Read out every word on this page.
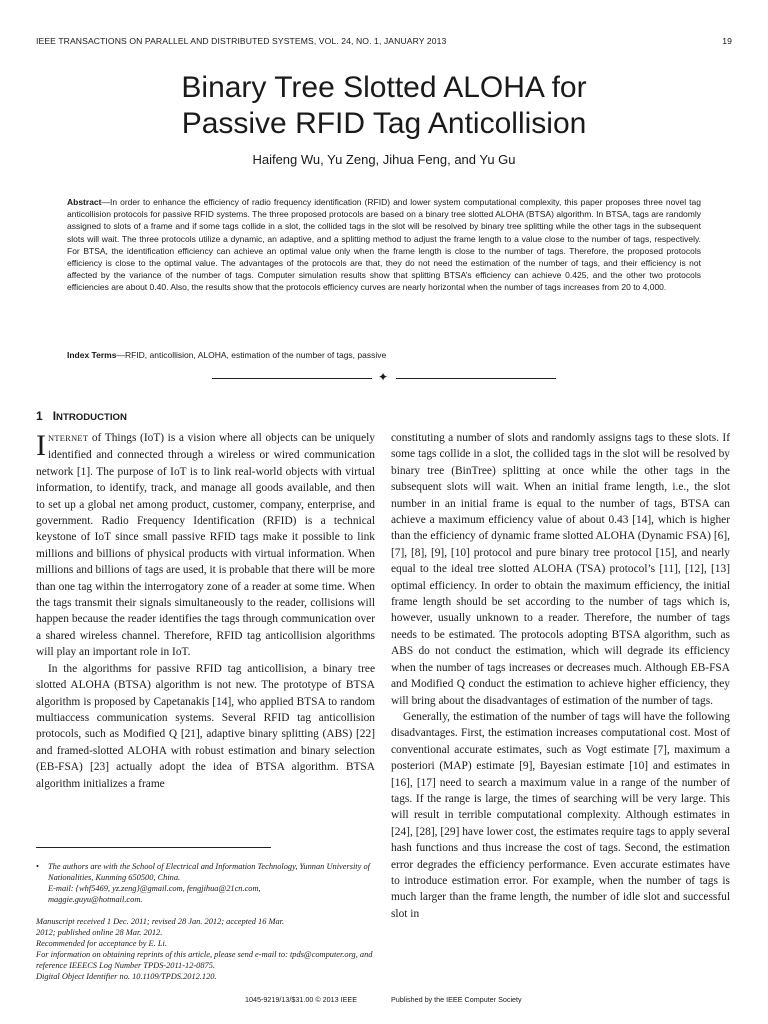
IEEE TRANSACTIONS ON PARALLEL AND DISTRIBUTED SYSTEMS, VOL. 24, NO. 1, JANUARY 2013	19
Binary Tree Slotted ALOHA for
Passive RFID Tag Anticollision
Haifeng Wu, Yu Zeng, Jihua Feng, and Yu Gu
Abstract—In order to enhance the efficiency of radio frequency identification (RFID) and lower system computational complexity, this paper proposes three novel tag anticollision protocols for passive RFID systems. The three proposed protocols are based on a binary tree slotted ALOHA (BTSA) algorithm. In BTSA, tags are randomly assigned to slots of a frame and if some tags collide in a slot, the collided tags in the slot will be resolved by binary tree splitting while the other tags in the subsequent slots will wait. The three protocols utilize a dynamic, an adaptive, and a splitting method to adjust the frame length to a value close to the number of tags, respectively. For BTSA, the identification efficiency can achieve an optimal value only when the frame length is close to the number of tags. Therefore, the proposed protocols efficiency is close to the optimal value. The advantages of the protocols are that, they do not need the estimation of the number of tags, and their efficiency is not affected by the variance of the number of tags. Computer simulation results show that splitting BTSA’s efficiency can achieve 0.425, and the other two protocols efficiencies are about 0.40. Also, the results show that the protocols efficiency curves are nearly horizontal when the number of tags increases from 20 to 4,000.
Index Terms—RFID, anticollision, ALOHA, estimation of the number of tags, passive
✦
1 INTRODUCTION

INTERNET of Things (IoT) is a vision where all objects can be uniquely identified and connected through a wireless or wired communication network [1]. The purpose of IoT is to link real-world objects with virtual information, to identify, track, and manage all goods available, and then to set up a global net among product, customer, company, enterprise, and government. Radio Frequency Identification (RFID) is a technical keystone of IoT since small passive RFID tags make it possible to link millions and billions of physical products with virtual information. When millions and billions of tags are used, it is probable that there will be more than one tag within the interrogatory zone of a reader at some time. When the tags transmit their signals simultaneously to the reader, collisions will happen because the reader identifies the tags through communication over a shared wireless channel. Therefore, RFID tag anticollision algorithms will play an important role in IoT.

In the algorithms for passive RFID tag anticollision, a binary tree slotted ALOHA (BTSA) algorithm is not new. The prototype of BTSA algorithm is proposed by Capetanakis [14], who applied BTSA to random multiaccess communication systems. Several RFID tag anticollision protocols, such as Modified Q [21], adaptive binary splitting (ABS) [22] and framed-slotted ALOHA with robust estimation and binary selection (EB-FSA) [23] actually adopt the idea of BTSA algorithm. BTSA algorithm initializes a frame

constituting a number of slots and randomly assigns tags to these slots. If some tags collide in a slot, the collided tags in the slot will be resolved by binary tree (BinTree) splitting at once while the other tags in the subsequent slots will wait. When an initial frame length, i.e., the slot number in an initial frame is equal to the number of tags, BTSA can achieve a maximum efficiency value of about 0.43 [14], which is higher than the efficiency of dynamic frame slotted ALOHA (Dynamic FSA) [6], [7], [8], [9], [10] protocol and pure binary tree protocol [15], and nearly equal to the ideal tree slotted ALOHA (TSA) protocol’s [11], [12], [13] optimal efficiency. In order to obtain the maximum efficiency, the initial frame length should be set according to the number of tags which is, however, usually unknown to a reader. Therefore, the number of tags needs to be estimated. The protocols adopting BTSA algorithm, such as ABS do not conduct the estimation, which will degrade its efficiency when the number of tags increases or decreases much. Although EB-FSA and Modified Q conduct the estimation to achieve higher efficiency, they will bring about the disadvantages of estimation of the number of tags.

Generally, the estimation of the number of tags will have the following disadvantages. First, the estimation increases computational cost. Most of conventional accurate estimates, such as Vogt estimate [7], maximum a posteriori (MAP) estimate [9], Bayesian estimate [10] and estimates in [16], [17] need to search a maximum value in a range of the number of tags. If the range is large, the times of searching will be very large. This will result in terrible computational complexity. Although estimates in [24], [28], [29] have lower cost, the estimates require tags to apply several hash functions and thus increase the cost of tags. Second, the estimation error degrades the efficiency performance. Even accurate estimates have to introduce estimation error. For example, when the number of tags is much larger than the frame length, the number of idle slot and successful slot in

•	The authors are with the School of Electrical and Information Technology, Yunnan University of Nationalities, Kunming 650500, China.

E-mail: {whf5469, yz.zeng}@gmail.com, fengjihua@21cn.com,

maggie.guyu@hotmail.com.

Manuscript received 1 Dec. 2011; revised 28 Jan. 2012; accepted 16 Mar.

2012; published online 28 Mar. 2012.

Recommended for acceptance by E. Li.

For information on obtaining reprints of this article, please send e-mail to: tpds@computer.org, and reference IEEECS Log Number TPDS-2011-12-0875.

Digital Object Identifier no. 10.1109/TPDS.2012.120.

1045-9219/13/$31.00 © 2013 IEEE	Published by the IEEE Computer Society
